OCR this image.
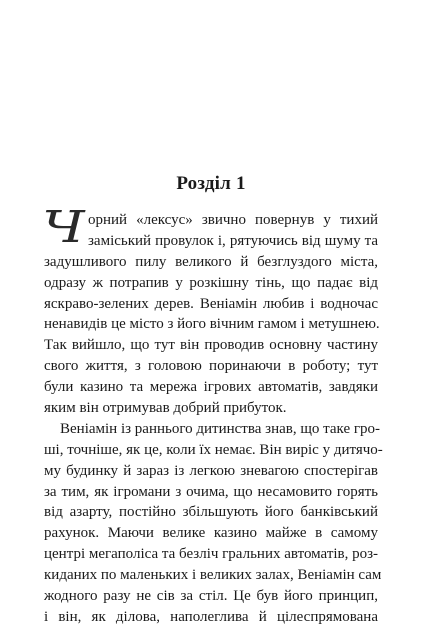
Розділ 1
Ч орний «лексус» звично повернув у тихий
заміський провулок і, рятуючись від шуму та
задушливого пилу великого й безглуздого міста,
одразу ж потрапив у розкішну тінь, що падає від
яскраво-зелених дерев. Веніамін любив і водночас
ненавидів це місто з його вічним гамом і метушнею.
Так вийшло, що тут він проводив основну частину
свого життя, з головою поринаючи в роботу; тут
були казино та мережа ігрових автоматів, завдяки
яким він отримував добрий прибуток.
Веніамін із раннього дитинства знав, що таке гро-
ші, точніше, як це, коли їх немає. Він виріс у дитячо-
му будинку й зараз із легкою зневагою спостерігав
за тим, як ігромани з очима, що несамовито горять
від азарту, постійно збільшують його банківський
рахунок. Маючи велике казино майже в самому
центрі мегаполіса та безліч гральних автоматів, роз-
киданих по маленьких і великих залах, Веніамін сам
жодного разу не сів за стіл. Це був його принцип,
і він, як ділова, наполеглива й цілеспрямована
